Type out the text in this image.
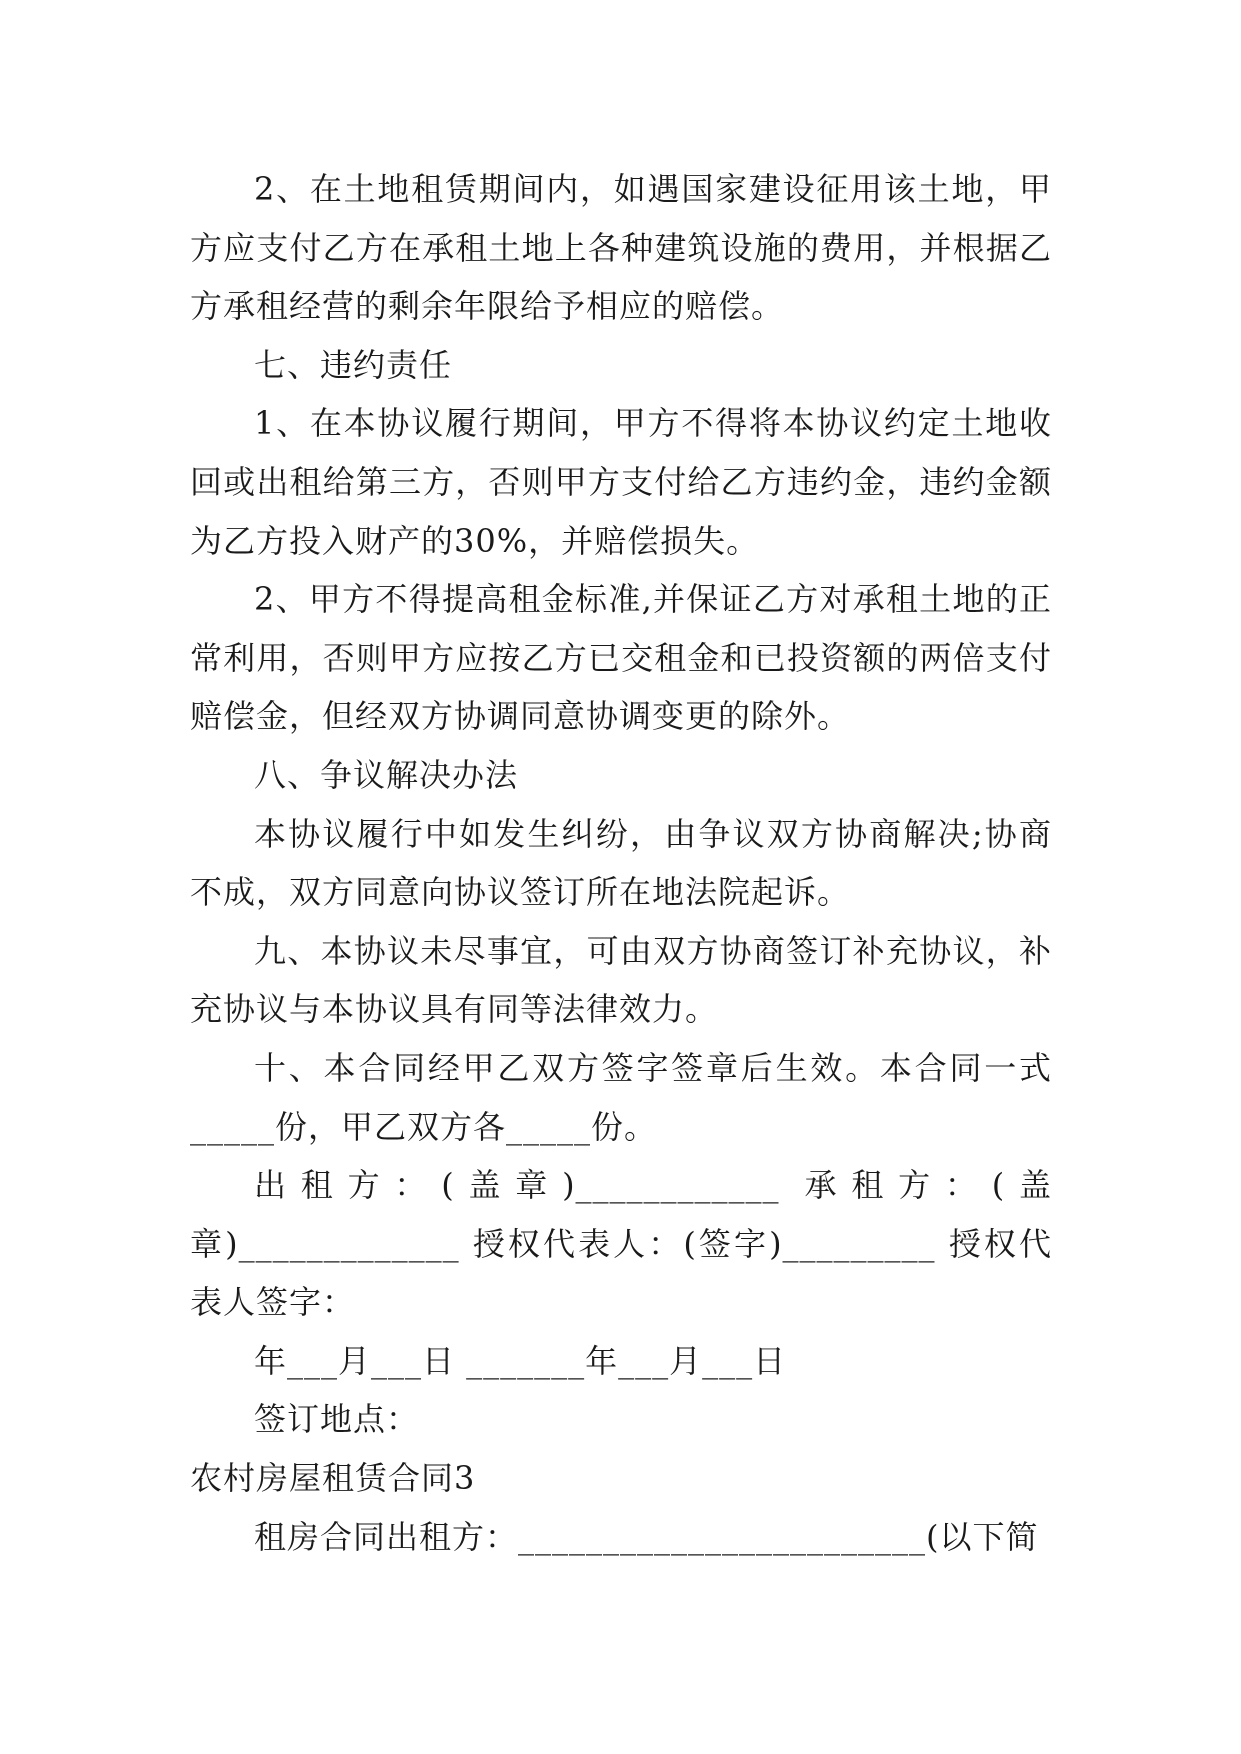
2、在土地租赁期间内，如遇国家建设征用该土地，甲方应支付乙方在承租土地上各种建筑设施的费用，并根据乙方承租经营的剩余年限给予相应的赔偿。

七、违约责任

1、在本协议履行期间，甲方不得将本协议约定土地收回或出租给第三方，否则甲方支付给乙方违约金，违约金额为乙方投入财产的30%，并赔偿损失。

2、甲方不得提高租金标准,并保证乙方对承租土地的正常利用，否则甲方应按乙方已交租金和已投资额的两倍支付赔偿金，但经双方协调同意协调变更的除外。

八、争议解决办法

本协议履行中如发生纠纷，由争议双方协商解决;协商不成，双方同意向协议签订所在地法院起诉。

九、本协议未尽事宜，可由双方协商签订补充协议，补充协议与本协议具有同等法律效力。

十、本合同经甲乙双方签字签章后生效。本合同一式_____份，甲乙双方各_____份。

出租方：(盖章)____________ 承租方：(盖章)_____________ 授权代表人：(签字)_________ 授权代表人签字：

年___月___日 _______年___月___日

签订地点：

农村房屋租赁合同3

租房合同出租方：________________________(以下简
